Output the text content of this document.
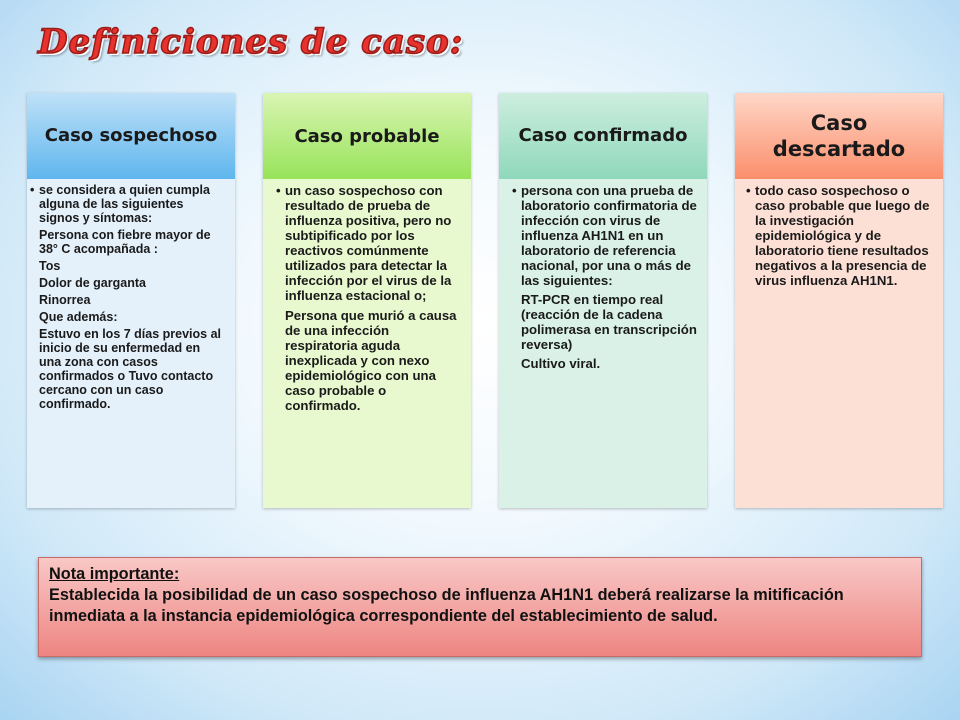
Definiciones de caso:
Caso sospechoso
• se considera a quien cumpla alguna de las siguientes signos y síntomas:
Persona con fiebre mayor de 38° C acompañada :
Tos
Dolor de garganta
Rinorrea
Que además:
Estuvo en los 7 días previos al inicio de su enfermedad en una zona con casos confirmados o Tuvo contacto cercano con un caso confirmado.
Caso probable
• un caso sospechoso con resultado de prueba de influenza positiva, pero no subtipificado por los reactivos comúnmente utilizados para detectar la infección por el virus de la influenza estacional o;
Persona que murió a causa de una infección respiratoria aguda inexplicada y con nexo epidemiológico con una caso probable o confirmado.
Caso confirmado
• persona con una prueba de laboratorio confirmatoria de infección con virus de influenza AH1N1 en un laboratorio de referencia nacional, por una o más de las siguientes:
RT-PCR en tiempo real (reacción de la cadena polimerasa en transcripción reversa)
Cultivo viral.
Caso descartado
• todo caso sospechoso o caso probable que luego de la investigación epidemiológica y de laboratorio tiene resultados negativos a la presencia de virus influenza AH1N1.
Nota importante:
Establecida la posibilidad de un caso sospechoso de influenza AH1N1 deberá realizarse la mitificación inmediata a la instancia epidemiológica correspondiente del establecimiento de salud.
